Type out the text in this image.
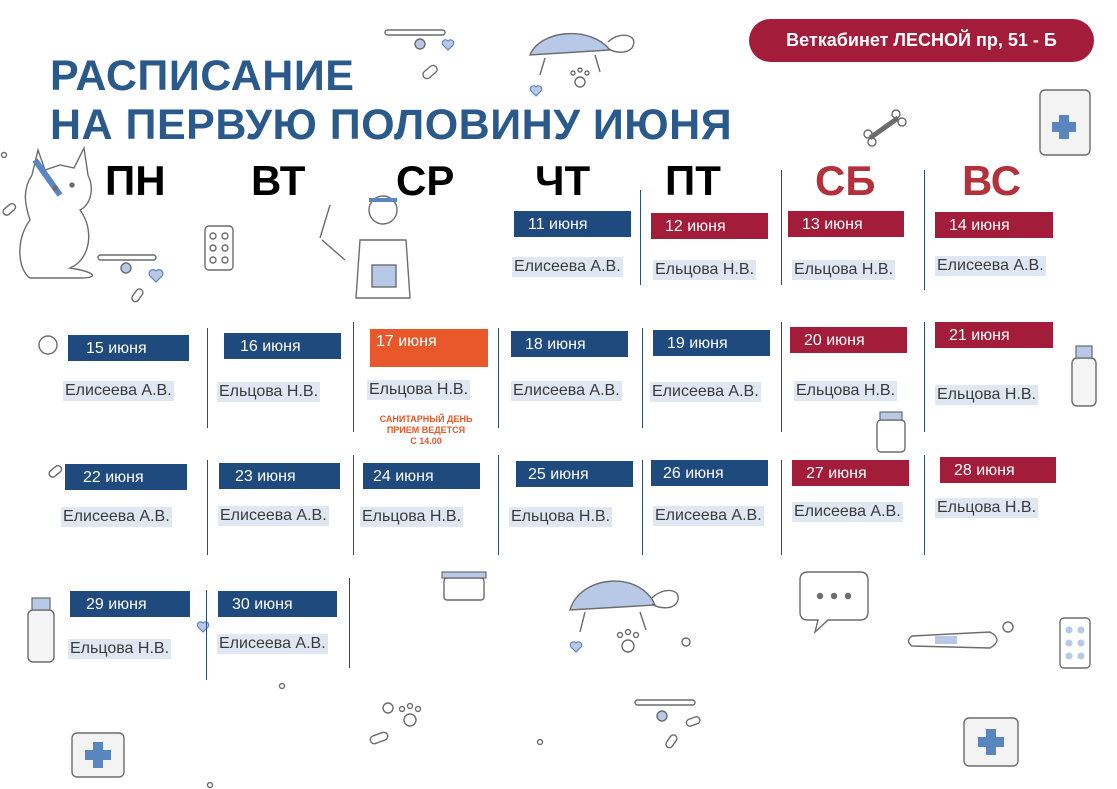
РАСПИСАНИЕ
НА ПЕРВУЮ ПОЛОВИНУ ИЮНЯ
Веткабинет ЛЕСНОЙ пр, 51 - Б
ПН ВТ СР ЧТ ПТ СБ ВС
11 июня
Елисеева А.В.
12 июня
Ельцова Н.В.
13 июня
Ельцова Н.В.
14 июня
Елисеева А.В.
15 июня
Елисеева А.В.
16 июня
Ельцова Н.В.
17 июня
Ельцова Н.В.
САНИТАРНЫЙ ДЕНЬ
ПРИЕМ ВЕДЕТСЯ
С 14.00
18 июня
Елисеева А.В.
19 июня
Елисеева А.В.
20 июня
Ельцова Н.В.
21 июня
Ельцова Н.В.
22 июня
Елисеева А.В.
23 июня
Елисеева А.В.
24 июня
Ельцова Н.В.
25 июня
Ельцова Н.В.
26 июня
Елисеева А.В.
27 июня
Елисеева А.В.
28 июня
Ельцова Н.В.
29 июня
Ельцова Н.В.
30 июня
Елисеева А.В.
